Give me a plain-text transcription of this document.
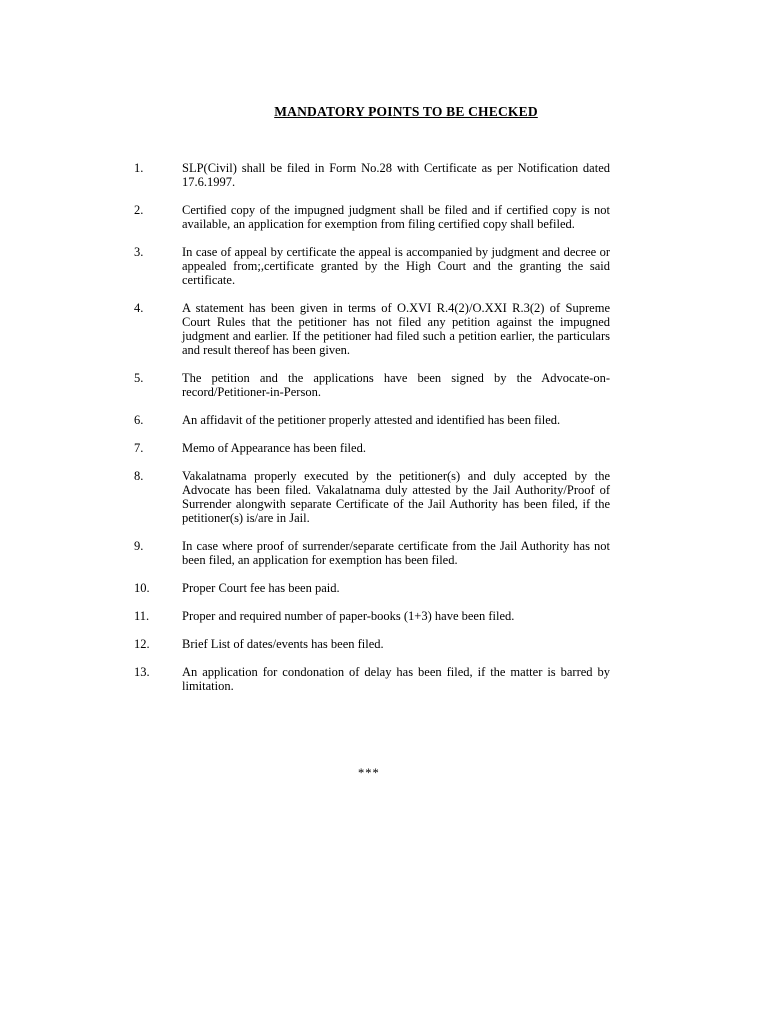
MANDATORY POINTS TO BE CHECKED
1.	SLP(Civil) shall be filed in Form No.28 with Certificate as per Notification dated 17.6.1997.
2.	Certified copy of the impugned judgment shall be filed and if certified copy is not available, an application for exemption from filing certified copy shall befiled.
3.	In case of appeal by certificate the appeal is accompanied by judgment and decree or appealed from;,certificate granted by the High Court and the granting the said certificate.
4.	A statement has been given in terms of O.XVI R.4(2)/O.XXI R.3(2) of Supreme Court Rules that the petitioner has not filed any petition against the impugned judgment and earlier. If the petitioner had filed such a petition earlier, the particulars and result thereof has been given.
5.	The petition and the applications have been signed by the Advocate-on-record/Petitioner-in-Person.
6.	An affidavit of the petitioner properly attested and identified has been filed.
7.	Memo of Appearance has been filed.
8.	Vakalatnama properly executed by the petitioner(s) and duly accepted by the Advocate has been filed. Vakalatnama duly attested by the Jail Authority/Proof of Surrender alongwith separate Certificate of the Jail Authority has been filed, if the petitioner(s) is/are in Jail.
9.	In case where proof of surrender/separate certificate from the Jail Authority has not been filed, an application for exemption has been filed.
10.	Proper Court fee has been paid.
11.	Proper and required number of paper-books (1+3) have been filed.
12.	Brief List of dates/events has been filed.
13.	An application for condonation of delay has been filed, if the matter is barred by limitation.
***
